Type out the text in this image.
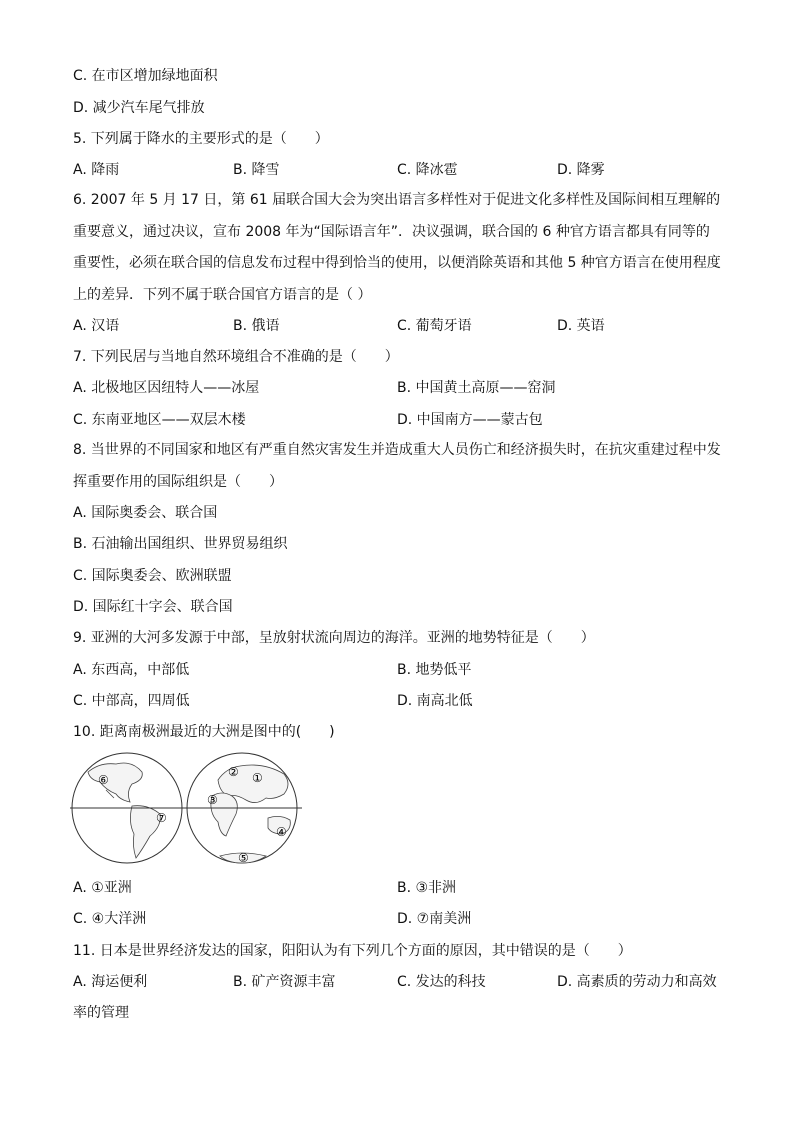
C. 在市区增加绿地面积
D. 减少汽车尾气排放
5. 下列属于降水的主要形式的是（　　）
A. 降雨	B. 降雪	C. 降冰雹	D. 降雾
6. 2007 年 5 月 17 日，第 61 届联合国大会为突出语言多样性对于促进文化多样性及国际间相互理解的重要意义，通过决议，宣布 2008 年为“国际语言年”．决议强调，联合国的 6 种官方语言都具有同等的重要性，必须在联合国的信息发布过程中得到恰当的使用，以便消除英语和其他 5 种官方语言在使用程度上的差异．下列不属于联合国官方语言的是（ ）
A. 汉语	B. 俄语	C. 葡萄牙语	D. 英语
7. 下列民居与当地自然环境组合不准确的是（　　）
A. 北极地区因纽特人——冰屋	B. 中国黄土高原——窑洞
C. 东南亚地区——双层木楼	D. 中国南方——蒙古包
8. 当世界的不同国家和地区有严重自然灾害发生并造成重大人员伤亡和经济损失时，在抗灾重建过程中发挥重要作用的国际组织是（　　）
A. 国际奥委会、联合国
B. 石油输出国组织、世界贸易组织
C. 国际奥委会、欧洲联盟
D. 国际红十字会、联合国
9. 亚洲的大河多发源于中部，呈放射状流向周边的海洋。亚洲的地势特征是（　　）
A. 东西高，中部低	B. 地势低平
C. 中部高，四周低	D. 南高北低
10. 距离南极洲最近的大洲是图中的(　　)
② ①
③
④
⑤
⑥
⑦
A. ①亚洲	B. ③非洲
C. ④大洋洲	D. ⑦南美洲
11. 日本是世界经济发达的国家，阳阳认为有下列几个方面的原因，其中错误的是（　　）
A. 海运便利	B. 矿产资源丰富	C. 发达的科技	D. 高素质的劳动力和高效
率的管理
